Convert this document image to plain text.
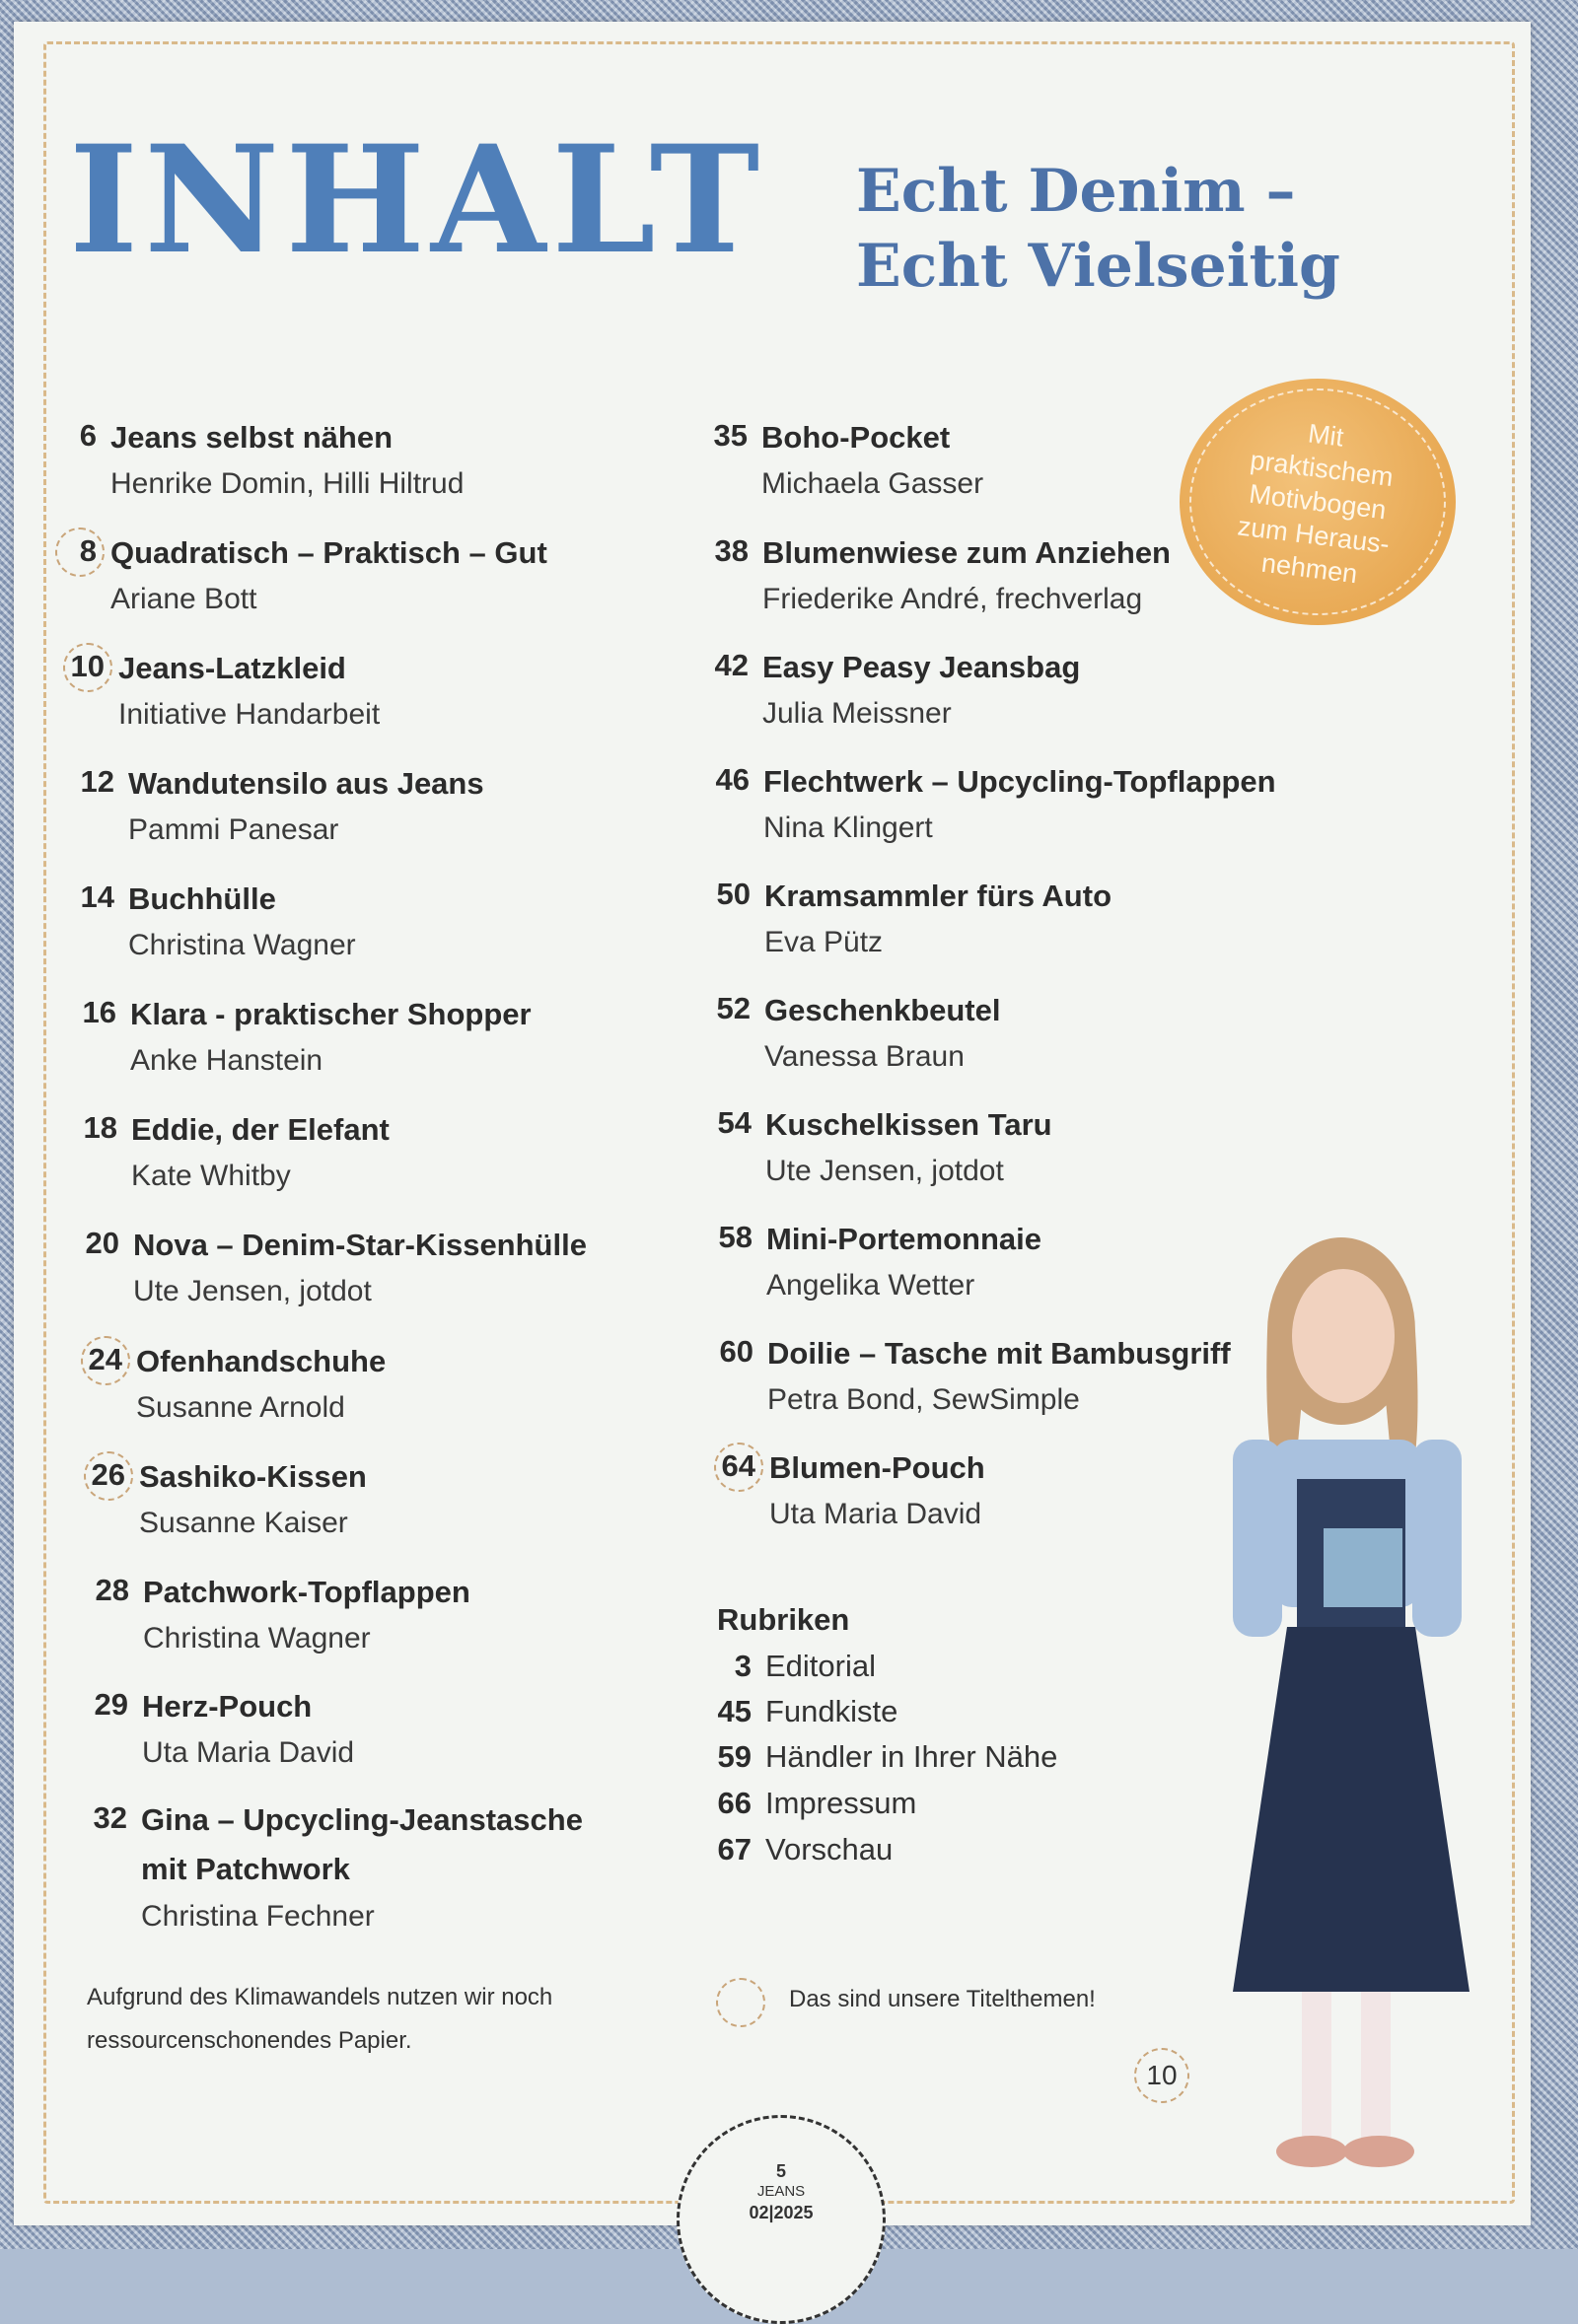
INHALT Echt Denim –
Echt Vielseitig
Mit praktischem Motivbogen zum Heraus-nehmen
6 Jeans selbst nähen
Henrike Domin, Hilli Hiltrud
8 Quadratisch – Praktisch – Gut
Ariane Bott
10 Jeans-Latzkleid
Initiative Handarbeit
12 Wandutensilo aus Jeans
Pammi Panesar
14 Buchhülle
Christina Wagner
16 Klara - praktischer Shopper
Anke Hanstein
18 Eddie, der Elefant
Kate Whitby
20 Nova – Denim-Star-Kissenhülle
Ute Jensen, jotdot
24 Ofenhandschuhe
Susanne Arnold
26 Sashiko-Kissen
Susanne Kaiser
28 Patchwork-Topflappen
Christina Wagner
29 Herz-Pouch
Uta Maria David
32 Gina – Upcycling-Jeanstasche
mit Patchwork
Christina Fechner
35 Boho-Pocket
Michaela Gasser
38 Blumenwiese zum Anziehen
Friederike André, frechverlag
42 Easy Peasy Jeansbag
Julia Meissner
46 Flechtwerk – Upcycling-Topflappen
Nina Klingert
50 Kramsammler fürs Auto
Eva Pütz
52 Geschenkbeutel
Vanessa Braun
54 Kuschelkissen Taru
Ute Jensen, jotdot
58 Mini-Portemonnaie
Angelika Wetter
60 Doilie – Tasche mit Bambusgriff
Petra Bond, SewSimple
64 Blumen-Pouch
Uta Maria David
Rubriken
3 Editorial
45 Fundkiste
59 Händler in Ihrer Nähe
66 Impressum
67 Vorschau
Aufgrund des Klimawandels nutzen wir noch ressourcenschonendes Papier.
Das sind unsere Titelthemen!
10
5
JEANS
02|2025
